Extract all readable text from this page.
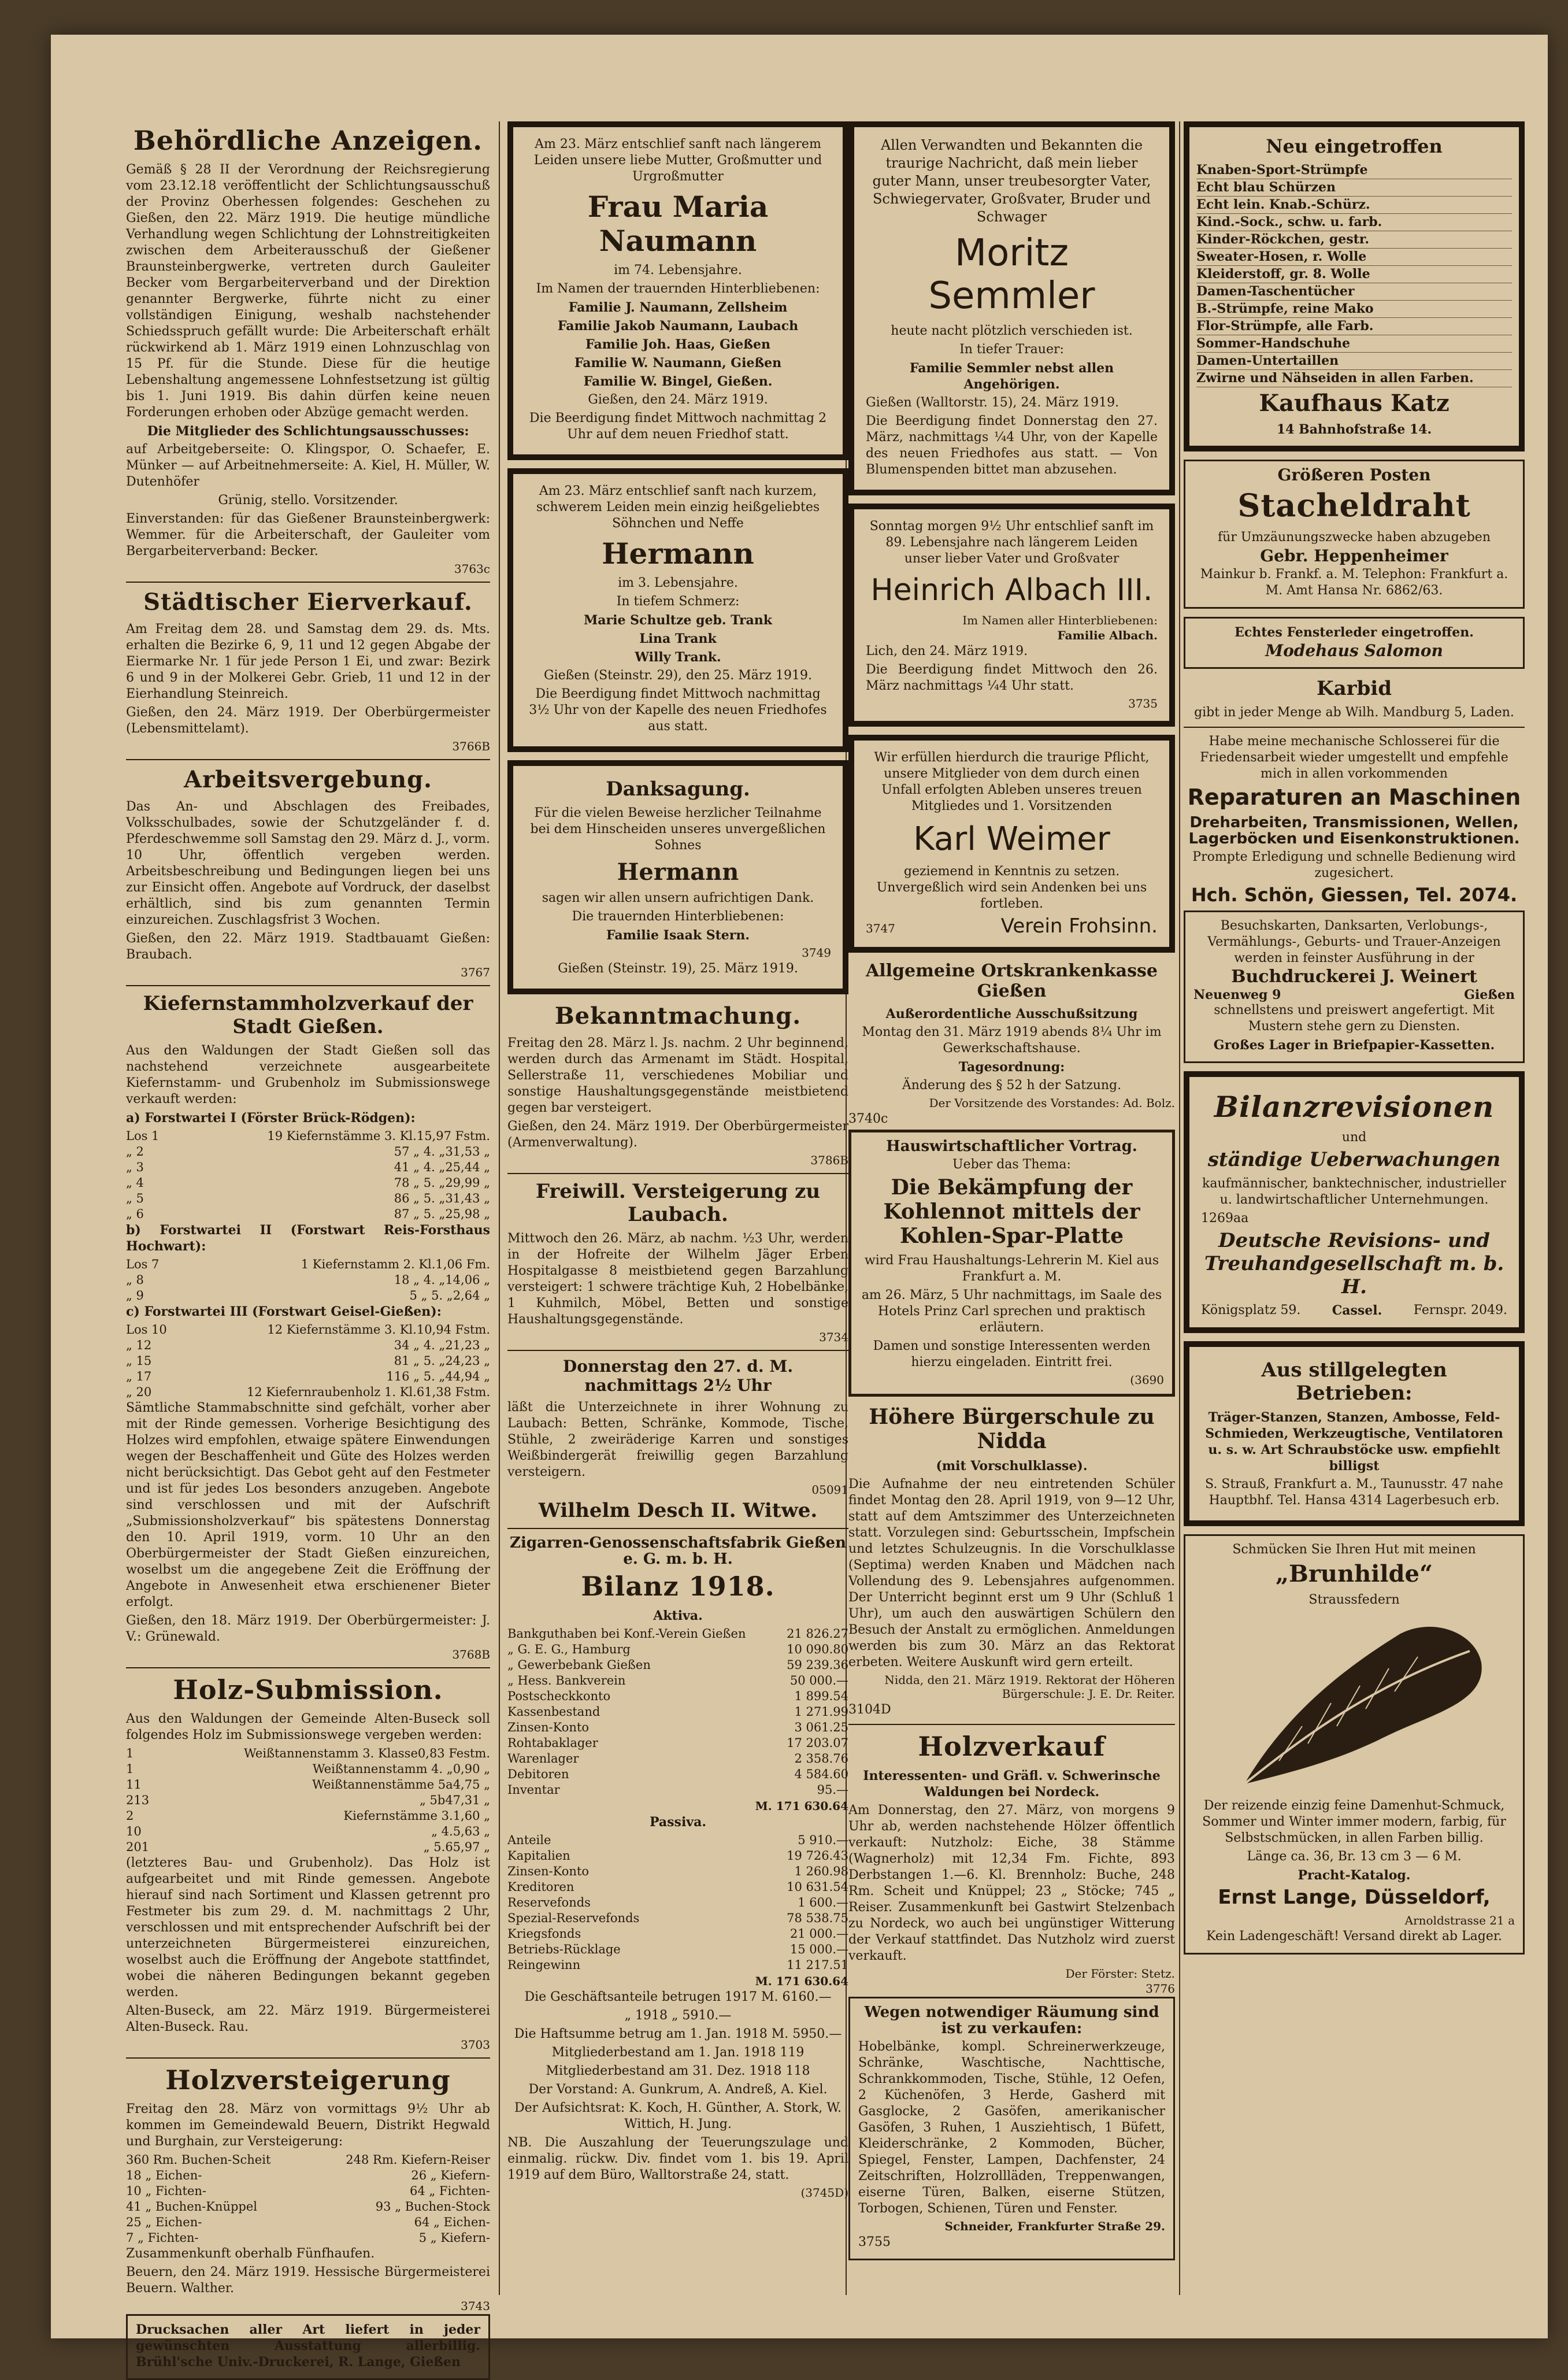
Behördliche Anzeigen.

Gemäß § 28 II der Verordnung der Reichsregierung vom 23.12.18 veröffentlicht der Schlichtungsausschuß der Provinz Oberhessen folgendes: Geschehen zu Gießen, den 22. März 1919. Die heutige mündliche Verhandlung wegen Schlichtung der Lohnstreitigkeiten zwischen dem Arbeiterausschuß der Gießener Braunsteinbergwerke, vertreten durch Gauleiter Becker vom Bergarbeiterverband und der Direktion genannter Bergwerke, führte nicht zu einer vollständigen Einigung, weshalb nachstehender Schiedsspruch gefällt wurde: Die Arbeiterschaft erhält rückwirkend ab 1. März 1919 einen Lohnzuschlag von 15 Pf. für die Stunde. Diese für die heutige Lebenshaltung angemessene Lohnfestsetzung ist gültig bis 1. Juni 1919. Bis dahin dürfen keine neuen Forderungen erhoben oder Abzüge gemacht werden.

Die Mitglieder des Schlichtungsausschusses:

auf Arbeitgeberseite: O. Klingspor, O. Schaefer, E. Münker — auf Arbeitnehmerseite: A. Kiel, H. Müller, W. Dutenhöfer

Grünig, stello. Vorsitzender.

Einverstanden: für das Gießener Braunsteinbergwerk: Wemmer. für die Arbeiterschaft, der Gauleiter vom Bergarbeiterverband: Becker.

3763c

Städtischer Eierverkauf.

Am Freitag dem 28. und Samstag dem 29. ds. Mts. erhalten die Bezirke 6, 9, 11 und 12 gegen Abgabe der Eiermarke Nr. 1 für jede Person 1 Ei, und zwar: Bezirk 6 und 9 in der Molkerei Gebr. Grieb, 11 und 12 in der Eierhandlung Steinreich.

Gießen, den 24. März 1919. Der Oberbürgermeister (Lebensmittelamt).

3766B

Arbeitsvergebung.

Das An- und Abschlagen des Freibades, Volksschulbades, sowie der Schutzgeländer f. d. Pferdeschwemme soll Samstag den 29. März d. J., vorm. 10 Uhr, öffentlich vergeben werden. Arbeitsbeschreibung und Bedingungen liegen bei uns zur Einsicht offen. Angebote auf Vordruck, der daselbst erhältlich, sind bis zum genannten Termin einzureichen. Zuschlagsfrist 3 Wochen.

Gießen, den 22. März 1919. Stadtbauamt Gießen: Braubach.

3767

Kiefernstammholzverkauf der Stadt Gießen.

Aus den Waldungen der Stadt Gießen soll das nachstehend verzeichnete ausgearbeitete Kiefernstamm- und Grubenholz im Submissionswege verkauft werden:

a) Forstwartei I (Förster Brück-Rödgen):

Los 1	19 Kiefernstämme 3. Kl. 15,97 Fstm.
„ 2	57 „ 4. „ 31,53 „
„ 3	41 „ 4. „ 25,44 „
„ 4	78 „ 5. „ 29,99 „
„ 5	86 „ 5. „ 31,43 „
„ 6	87 „ 5. „ 25,98 „

b) Forstwartei II (Forstwart Reis-Forsthaus Hochwart):

Los 7	1 Kiefernstamm 2. Kl. 1,06 Fm.
„ 8	18 „ 4. „ 14,06 „
„ 9	5 „ 5. „ 2,64 „

c) Forstwartei III (Forstwart Geisel-Gießen):

Los 10	12 Kiefernstämme 3. Kl. 10,94 Fstm.
„ 12	34 „ 4. „ 21,23 „
„ 15	81 „ 5. „ 24,23 „
„ 17	116 „ 5. „ 44,94 „
„ 20	12 Kiefernraubenholz 1. Kl. 61,38 Fstm.

Sämtliche Stammabschnitte sind gefchält, vorher aber mit der Rinde gemessen. Vorherige Besichtigung des Holzes wird empfohlen, etwaige spätere Einwendungen wegen der Beschaffenheit und Güte des Holzes werden nicht berücksichtigt. Das Gebot geht auf den Festmeter und ist für jedes Los besonders anzugeben. Angebote sind verschlossen und mit der Aufschrift „Submissionsholzverkauf“ bis spätestens Donnerstag den 10. April 1919, vorm. 10 Uhr an den Oberbürgermeister der Stadt Gießen einzureichen, woselbst um die angegebene Zeit die Eröffnung der Angebote in Anwesenheit etwa erschienener Bieter erfolgt.

Gießen, den 18. März 1919. Der Oberbürgermeister: J. V.: Grünewald.

3768B

Holz-Submission.

Aus den Waldungen der Gemeinde Alten-Buseck soll folgendes Holz im Submissionswege vergeben werden:

1	Weißtannenstamm 3. Klasse 0,83 Festm.
1	Weißtannenstamm 4. „ 0,90 „
11	Weißtannenstämme 5a 4,75 „
213	„ 5b 47,31 „
2	Kiefernstämme 3. 1,60 „
10	„ 4. 5,63 „
201	„ 5. 65,97 „

(letzteres Bau- und Grubenholz). Das Holz ist aufgearbeitet und mit Rinde gemessen. Angebote hierauf sind nach Sortiment und Klassen getrennt pro Festmeter bis zum 29. d. M. nachmittags 2 Uhr, verschlossen und mit entsprechender Aufschrift bei der unterzeichneten Bürgermeisterei einzureichen, woselbst auch die Eröffnung der Angebote stattfindet, wobei die näheren Bedingungen bekannt gegeben werden.

Alten-Buseck, am 22. März 1919. Bürgermeisterei Alten-Buseck. Rau.

3703

Holzversteigerung

Freitag den 28. März von vormittags 9½ Uhr ab kommen im Gemeindewald Beuern, Distrikt Hegwald und Burghain, zur Versteigerung:

360 Rm. Buchen-Scheit	248 Rm. Kiefern-Reiser
18 „ Eichen-	26 „ Kiefern-
10 „ Fichten-	64 „ Fichten-
41 „ Buchen-Knüppel	93 „ Buchen-Stock
25 „ Eichen-	64 „ Eichen-
7 „ Fichten-	5 „ Kiefern-

Zusammenkunft oberhalb Fünfhaufen.

Beuern, den 24. März 1919. Hessische Bürgermeisterei Beuern. Walther.

3743

Drucksachen aller Art liefert in jeder gewünschten Ausstattung allerbillig. Brühl'sche Univ.-Druckerei, R. Lange, Gießen

Am 23. März entschlief sanft nach längerem Leiden unsere liebe Mutter, Großmutter und Urgroßmutter

Frau Maria Naumann

im 74. Lebensjahre.

Im Namen der trauernden Hinterbliebenen:

Familie J. Naumann, Zellsheim

Familie Jakob Naumann, Laubach

Familie Joh. Haas, Gießen

Familie W. Naumann, Gießen

Familie W. Bingel, Gießen.

Gießen, den 24. März 1919.

Die Beerdigung findet Mittwoch nachmittag 2 Uhr auf dem neuen Friedhof statt.

Am 23. März entschlief sanft nach kurzem, schwerem Leiden mein einzig heißgeliebtes Söhnchen und Neffe

Hermann

im 3. Lebensjahre.

In tiefem Schmerz:

Marie Schultze geb. Trank

Lina Trank

Willy Trank.

Gießen (Steinstr. 29), den 25. März 1919.

Die Beerdigung findet Mittwoch nachmittag 3½ Uhr von der Kapelle des neuen Friedhofes aus statt.

Danksagung.

Für die vielen Beweise herzlicher Teilnahme bei dem Hinscheiden unseres unvergeßlichen Sohnes

Hermann

sagen wir allen unsern aufrichtigen Dank.

Die trauernden Hinterbliebenen:

Familie Isaak Stern.

3749

Gießen (Steinstr. 19), 25. März 1919.

Bekanntmachung.

Freitag den 28. März l. Js. nachm. 2 Uhr beginnend, werden durch das Armenamt im Städt. Hospital, Sellerstraße 11, verschiedenes Mobiliar und sonstige Haushaltungsgegenstände meistbietend gegen bar versteigert.

Gießen, den 24. März 1919. Der Oberbürgermeister (Armenverwaltung).

3786B

Freiwill. Versteigerung zu Laubach.

Mittwoch den 26. März, ab nachm. ½3 Uhr, werden in der Hofreite der Wilhelm Jäger Erben Hospitalgasse 8 meistbietend gegen Barzahlung versteigert: 1 schwere trächtige Kuh, 2 Hobelbänke, 1 Kuhmilch, Möbel, Betten und sonstige Haushaltungsgegenstände.

3734

Donnerstag den 27. d. M. nachmittags 2½ Uhr

läßt die Unterzeichnete in ihrer Wohnung zu Laubach: Betten, Schränke, Kommode, Tische, Stühle, 2 zweiräderige Karren und sonstiges Weißbindergerät freiwillig gegen Barzahlung versteigern.

05091

Wilhelm Desch II. Witwe.

Zigarren-Genossenschaftsfabrik Gießen e. G. m. b. H.

Bilanz 1918.

Aktiva.

Bankguthaben bei Konf.-Verein Gießen	21 826.27
„ G. E. G., Hamburg	10 090.80
„ Gewerbebank Gießen	59 239.36
„ Hess. Bankverein	50 000.—
Postscheckkonto	1 899.54
Kassenbestand	1 271.99
Zinsen-Konto	3 061.25
Rohtabaklager	17 203.07
Warenlager	2 358.76
Debitoren	4 584.60
Inventar	95.—

M. 171 630.64

Passiva.

Anteile	5 910.—
Kapitalien	19 726.43
Zinsen-Konto	1 260.98
Kreditoren	10 631.54
Reservefonds	1 600.—
Spezial-Reservefonds	78 538.75
Kriegsfonds	21 000.—
Betriebs-Rücklage	15 000.—
Reingewinn	11 217.51

M. 171 630.64

Die Geschäftsanteile betrugen 1917 M. 6160.—

„ 1918 „ 5910.—

Die Haftsumme betrug am 1. Jan. 1918 M. 5950.—

Mitgliederbestand am 1. Jan. 1918 119

Mitgliederbestand am 31. Dez. 1918 118

Der Vorstand: A. Gunkrum, A. Andreß, A. Kiel.

Der Aufsichtsrat: K. Koch, H. Günther, A. Stork, W. Wittich, H. Jung.

NB. Die Auszahlung der Teuerungszulage und einmalig. rückw. Div. findet vom 1. bis 19. April 1919 auf dem Büro, Walltorstraße 24, statt.

(3745D)

Allen Verwandten und Bekannten die traurige Nachricht, daß mein lieber guter Mann, unser treubesorgter Vater, Schwiegervater, Großvater, Bruder und Schwager

Moritz Semmler

heute nacht plötzlich verschieden ist.

In tiefer Trauer:

Familie Semmler nebst allen Angehörigen.

Gießen (Walltorstr. 15), 24. März 1919.

Die Beerdigung findet Donnerstag den 27. März, nachmittags ¼4 Uhr, von der Kapelle des neuen Friedhofes aus statt. — Von Blumenspenden bittet man abzusehen.

Sonntag morgen 9½ Uhr entschlief sanft im 89. Lebensjahre nach längerem Leiden unser lieber Vater und Großvater

Heinrich Albach III.

Im Namen aller Hinterbliebenen:

Familie Albach.

Lich, den 24. März 1919.

Die Beerdigung findet Mittwoch den 26. März nachmittags ¼4 Uhr statt.

3735

Wir erfüllen hierdurch die traurige Pflicht, unsere Mitglieder von dem durch einen Unfall erfolgten Ableben unseres treuen Mitgliedes und 1. Vorsitzenden

Karl Weimer

geziemend in Kenntnis zu setzen. Unvergeßlich wird sein Andenken bei uns fortleben.

3747	Verein Frohsinn.
Allgemeine Ortskrankenkasse Gießen

Außerordentliche Ausschußsitzung

Montag den 31. März 1919 abends 8¼ Uhr im Gewerkschaftshause.

Tagesordnung:

Änderung des § 52 h der Satzung.

Der Vorsitzende des Vorstandes: Ad. Bolz.

3740c

Hauswirtschaftlicher Vortrag.

Ueber das Thema:

Die Bekämpfung der Kohlennot mittels der Kohlen-Spar-Platte

wird Frau Haushaltungs-Lehrerin M. Kiel aus Frankfurt a. M.

am 26. März, 5 Uhr nachmittags, im Saale des Hotels Prinz Carl sprechen und praktisch erläutern.

Damen und sonstige Interessenten werden hierzu eingeladen. Eintritt frei.

(3690

Höhere Bürgerschule zu Nidda

(mit Vorschulklasse).

Die Aufnahme der neu eintretenden Schüler findet Montag den 28. April 1919, von 9—12 Uhr, statt auf dem Amtszimmer des Unterzeichneten statt. Vorzulegen sind: Geburtsschein, Impfschein und letztes Schulzeugnis. In die Vorschulklasse (Septima) werden Knaben und Mädchen nach Vollendung des 9. Lebensjahres aufgenommen. Der Unterricht beginnt erst um 9 Uhr (Schluß 1 Uhr), um auch den auswärtigen Schülern den Besuch der Anstalt zu ermöglichen. Anmeldungen werden bis zum 30. März an das Rektorat erbeten. Weitere Auskunft wird gern erteilt.

Nidda, den 21. März 1919. Rektorat der Höheren Bürgerschule: J. E. Dr. Reiter.

3104D

Holzverkauf

Interessenten- und Gräfl. v. Schwerinsche Waldungen bei Nordeck.

Am Donnerstag, den 27. März, von morgens 9 Uhr ab, werden nachstehende Hölzer öffentlich verkauft: Nutzholz: Eiche, 38 Stämme (Wagnerholz) mit 12,34 Fm. Fichte, 893 Derbstangen 1.—6. Kl. Brennholz: Buche, 248 Rm. Scheit und Knüppel; 23 „ Stöcke; 745 „ Reiser. Zusammenkunft bei Gastwirt Stelzenbach zu Nordeck, wo auch bei ungünstiger Witterung der Verkauf stattfindet. Das Nutzholz wird zuerst verkauft.

Der Förster: Stetz.

3776

Wegen notwendiger Räumung sind ist zu verkaufen:

Hobelbänke, kompl. Schreinerwerkzeuge, Schränke, Waschtische, Nachttische, Schrankkommoden, Tische, Stühle, 12 Oefen, 2 Küchenöfen, 3 Herde, Gasherd mit Gasglocke, 2 Gasöfen, amerikanischer Gasöfen, 3 Ruhen, 1 Ausziehtisch, 1 Büfett, Kleiderschränke, 2 Kommoden, Bücher, Spiegel, Fenster, Lampen, Dachfenster, 24 Zeitschriften, Holzrollläden, Treppenwangen, eiserne Türen, Balken, eiserne Stützen, Torbogen, Schienen, Türen und Fenster.

Schneider, Frankfurter Straße 29.

3755

Neu eingetroffen

Knaben-Sport-Strümpfe

Echt blau Schürzen

Echt lein. Knab.-Schürz.

Kind.-Sock., schw. u. farb.

Kinder-Röckchen, gestr.

Sweater-Hosen, r. Wolle

Kleiderstoff, gr. 8. Wolle

Damen-Taschentücher

B.-Strümpfe, reine Mako

Flor-Strümpfe, alle Farb.

Sommer-Handschuhe

Damen-Untertaillen

Zwirne und Nähseiden in allen Farben.

Kaufhaus Katz

14 Bahnhofstraße 14.

Größeren Posten

Stacheldraht

für Umzäunungszwecke haben abzugeben

Gebr. Heppenheimer

Mainkur b. Frankf. a. M. Telephon: Frankfurt a. M. Amt Hansa Nr. 6862/63.

Echtes Fensterleder eingetroffen.

Modehaus Salomon

Karbid

gibt in jeder Menge ab Wilh. Mandburg 5, Laden.

Habe meine mechanische Schlosserei für die Friedensarbeit wieder umgestellt und empfehle mich in allen vorkommenden

Reparaturen an Maschinen

Dreharbeiten, Transmissionen, Wellen, Lagerböcken und Eisenkonstruktionen.

Prompte Erledigung und schnelle Bedienung wird zugesichert.

Hch. Schön, Giessen, Tel. 2074.

Besuchskarten, Danksarten, Verlobungs-, Vermählungs-, Geburts- und Trauer-Anzeigen werden in feinster Ausführung in der

Buchdruckerei J. Weinert

Neuenweg 9	Gießen

schnellstens und preiswert angefertigt. Mit Mustern stehe gern zu Diensten.

Großes Lager in Briefpapier-Kassetten.

Bilanzrevisionen

und

ständige Ueberwachungen

kaufmännischer, banktechnischer, industrieller u. landwirtschaftlicher Unternehmungen.

1269aa

Deutsche Revisions- und Treuhandgesellschaft m. b. H.
Königsplatz 59. Cassel. Fernspr. 2049.
Aus stillgelegten Betrieben:

Träger-Stanzen, Stanzen, Ambosse, Feld-Schmieden, Werkzeugtische, Ventilatoren u. s. w. Art Schraubstöcke usw. empfiehlt billigst

S. Strauß, Frankfurt a. M., Taunusstr. 47 nahe Hauptbhf. Tel. Hansa 4314 Lagerbesuch erb.

Schmücken Sie Ihren Hut mit meinen

„Brunhilde“

Straussfedern

Der reizende einzig feine Damenhut-Schmuck, Sommer und Winter immer modern, farbig, für Selbstschmücken, in allen Farben billig.

Länge ca. 36, Br. 13 cm 3 — 6 M.

Pracht-Katalog.

Ernst Lange, Düsseldorf,

Arnoldstrasse 21 a

Kein Ladengeschäft! Versand direkt ab Lager.
